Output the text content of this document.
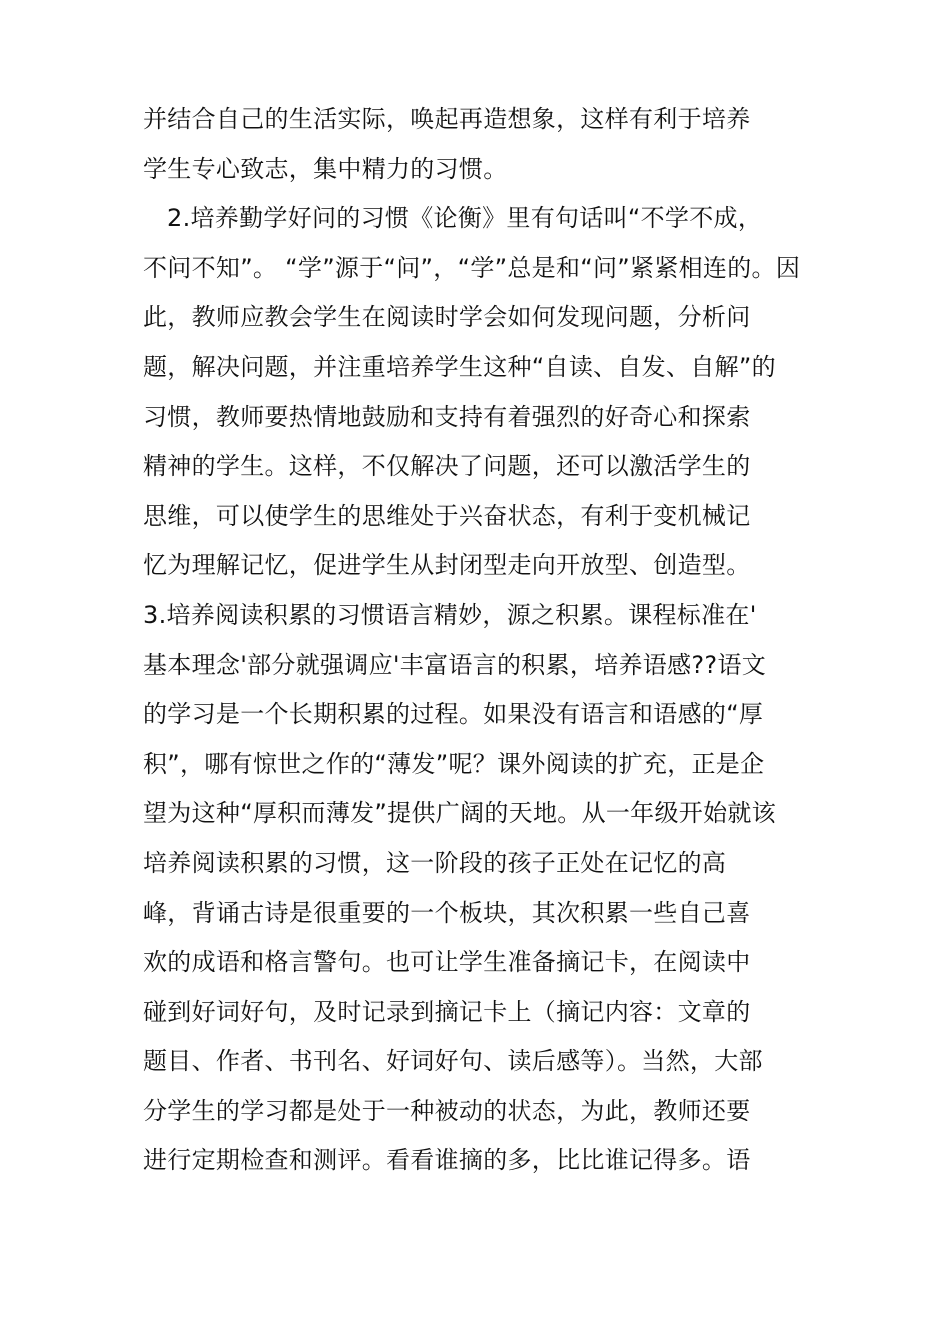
并结合自己的生活实际，唤起再造想象，这样有利于培养
学生专心致志，集中精力的习惯。
2.培养勤学好问的习惯《论衡》里有句话叫“不学不成，
不问不知”。 “学”源于“问”，“学”总是和“问”紧紧相连的。因
此，教师应教会学生在阅读时学会如何发现问题，分析问
题，解决问题，并注重培养学生这种“自读、自发、自解”的
习惯，教师要热情地鼓励和支持有着强烈的好奇心和探索
精神的学生。这样，不仅解决了问题，还可以激活学生的
思维，可以使学生的思维处于兴奋状态，有利于变机械记
忆为理解记忆，促进学生从封闭型走向开放型、创造型。
3.培养阅读积累的习惯语言精妙，源之积累。课程标准在'
基本理念'部分就强调应'丰富语言的积累，培养语感??语文
的学习是一个长期积累的过程。如果没有语言和语感的“厚
积”，哪有惊世之作的“薄发”呢？课外阅读的扩充，正是企
望为这种“厚积而薄发”提供广阔的天地。从一年级开始就该
培养阅读积累的习惯，这一阶段的孩子正处在记忆的高
峰，背诵古诗是很重要的一个板块，其次积累一些自己喜
欢的成语和格言警句。也可让学生准备摘记卡，在阅读中
碰到好词好句，及时记录到摘记卡上（摘记内容：文章的
题目、作者、书刊名、好词好句、读后感等）。当然，大部
分学生的学习都是处于一种被动的状态，为此，教师还要
进行定期检查和测评。看看谁摘的多，比比谁记得多。语
